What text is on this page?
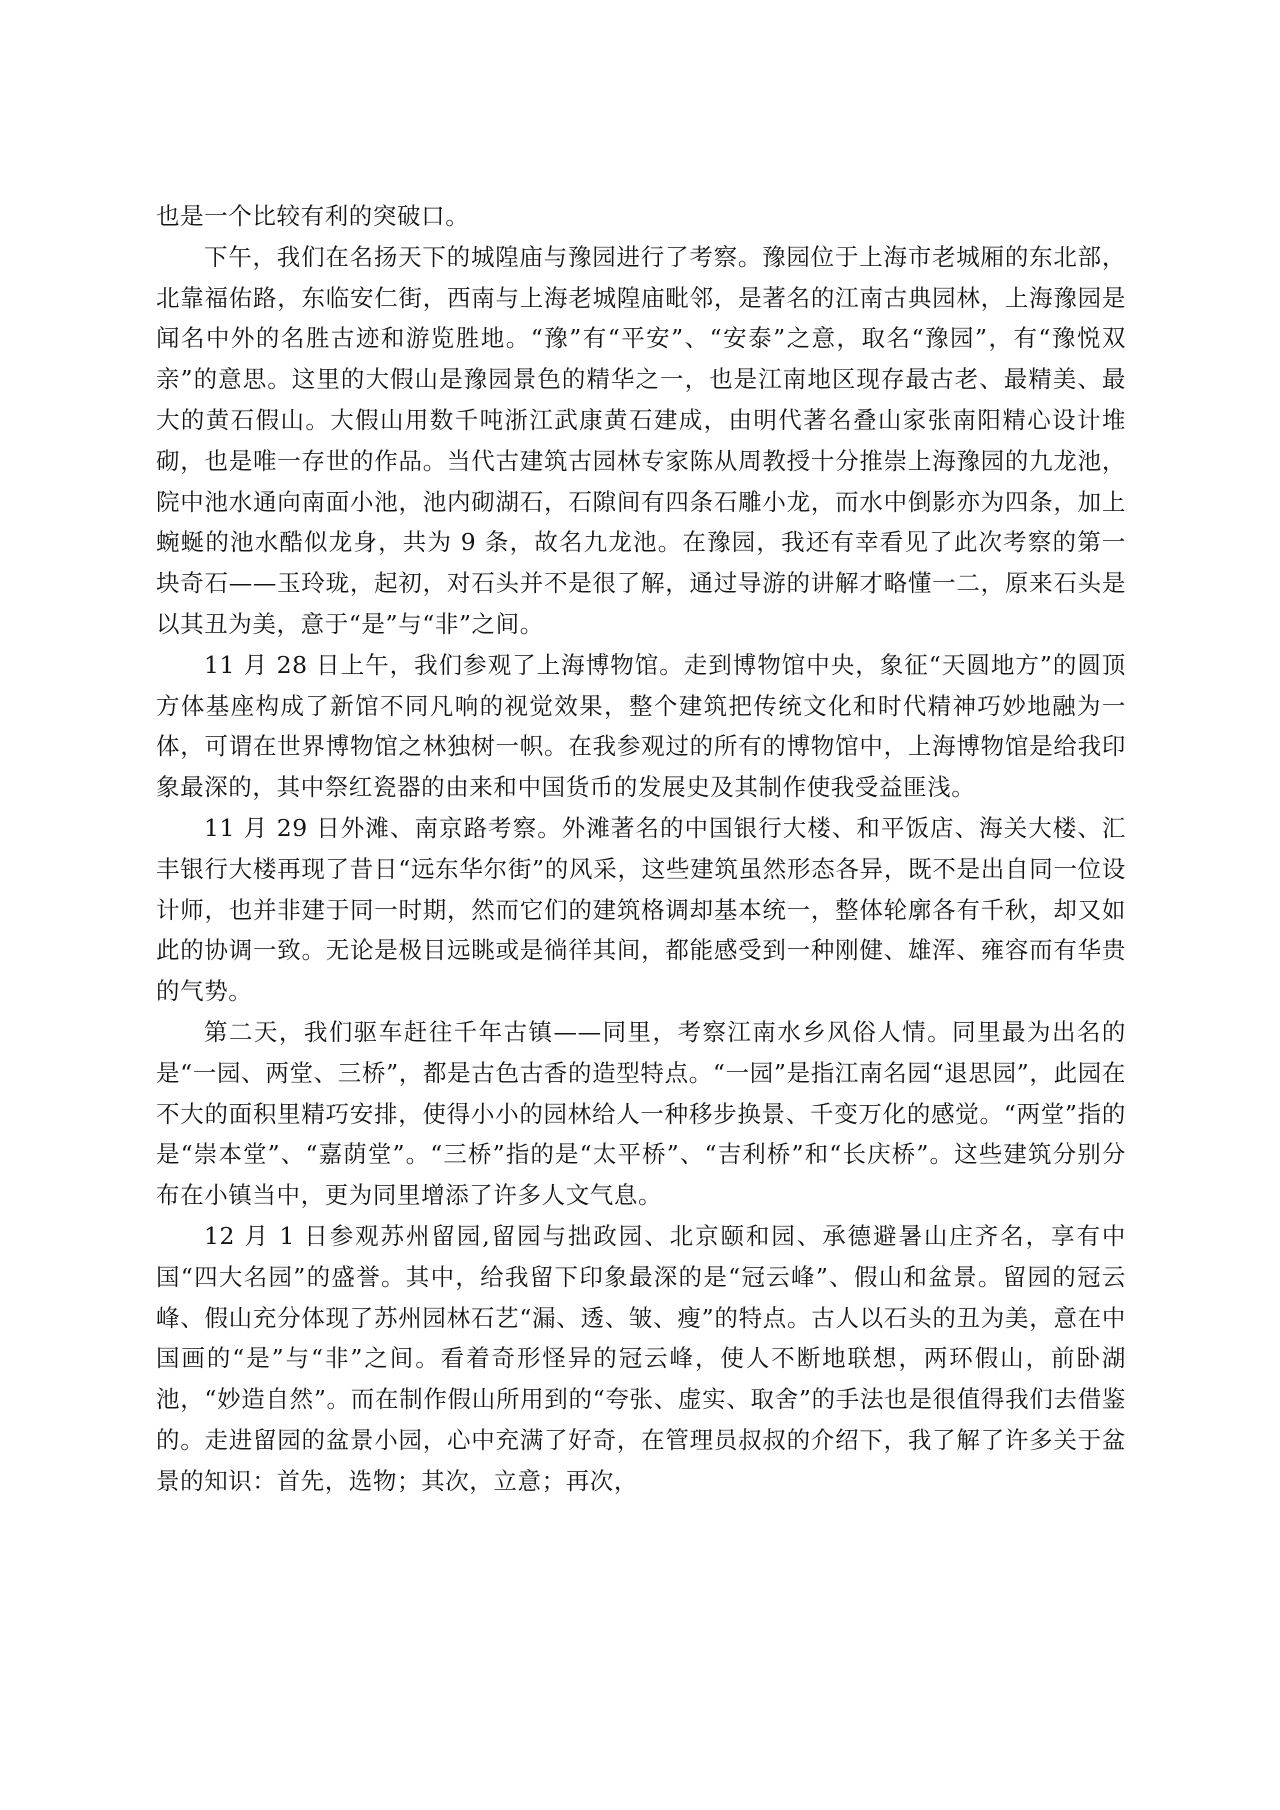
也是一个比较有利的突破口。

下午，我们在名扬天下的城隍庙与豫园进行了考察。豫园位于上海市老城厢的东北部，北靠福佑路，东临安仁街，西南与上海老城隍庙毗邻，是著名的江南古典园林，上海豫园是闻名中外的名胜古迹和游览胜地。“豫”有“平安”、“安泰”之意，取名“豫园”，有“豫悦双亲”的意思。这里的大假山是豫园景色的精华之一，也是江南地区现存最古老、最精美、最大的黄石假山。大假山用数千吨浙江武康黄石建成，由明代著名叠山家张南阳精心设计堆砌，也是唯一存世的作品。当代古建筑古园林专家陈从周教授十分推崇上海豫园的九龙池，院中池水通向南面小池，池内砌湖石，石隙间有四条石雕小龙，而水中倒影亦为四条，加上蜿蜒的池水酷似龙身，共为 9 条，故名九龙池。在豫园，我还有幸看见了此次考察的第一块奇石——玉玲珑，起初，对石头并不是很了解，通过导游的讲解才略懂一二，原来石头是以其丑为美，意于“是”与“非”之间。

11 月 28 日上午，我们参观了上海博物馆。走到博物馆中央，象征“天圆地方”的圆顶方体基座构成了新馆不同凡响的视觉效果，整个建筑把传统文化和时代精神巧妙地融为一体，可谓在世界博物馆之林独树一帜。在我参观过的所有的博物馆中，上海博物馆是给我印象最深的，其中祭红瓷器的由来和中国货币的发展史及其制作使我受益匪浅。

11 月 29 日外滩、南京路考察。外滩著名的中国银行大楼、和平饭店、海关大楼、汇丰银行大楼再现了昔日“远东华尔街”的风采，这些建筑虽然形态各异，既不是出自同一位设计师，也并非建于同一时期，然而它们的建筑格调却基本统一，整体轮廓各有千秋，却又如此的协调一致。无论是极目远眺或是徜徉其间，都能感受到一种刚健、雄浑、雍容而有华贵的气势。

第二天，我们驱车赶往千年古镇——同里，考察江南水乡风俗人情。同里最为出名的是“一园、两堂、三桥”，都是古色古香的造型特点。“一园”是指江南名园“退思园”，此园在不大的面积里精巧安排，使得小小的园林给人一种移步换景、千变万化的感觉。“两堂”指的是“崇本堂”、“嘉荫堂”。“三桥”指的是“太平桥”、“吉利桥”和“长庆桥”。这些建筑分别分布在小镇当中，更为同里增添了许多人文气息。

12 月 1 日参观苏州留园,留园与拙政园、北京颐和园、承德避暑山庄齐名，享有中国“四大名园”的盛誉。其中，给我留下印象最深的是“冠云峰”、假山和盆景。留园的冠云峰、假山充分体现了苏州园林石艺“漏、透、皱、瘦”的特点。古人以石头的丑为美，意在中国画的“是”与“非”之间。看着奇形怪异的冠云峰，使人不断地联想，两环假山，前卧湖池，“妙造自然”。而在制作假山所用到的“夸张、虚实、取舍”的手法也是很值得我们去借鉴的。走进留园的盆景小园，心中充满了好奇，在管理员叔叔的介绍下，我了解了许多关于盆景的知识：首先，选物；其次，立意；再次，
